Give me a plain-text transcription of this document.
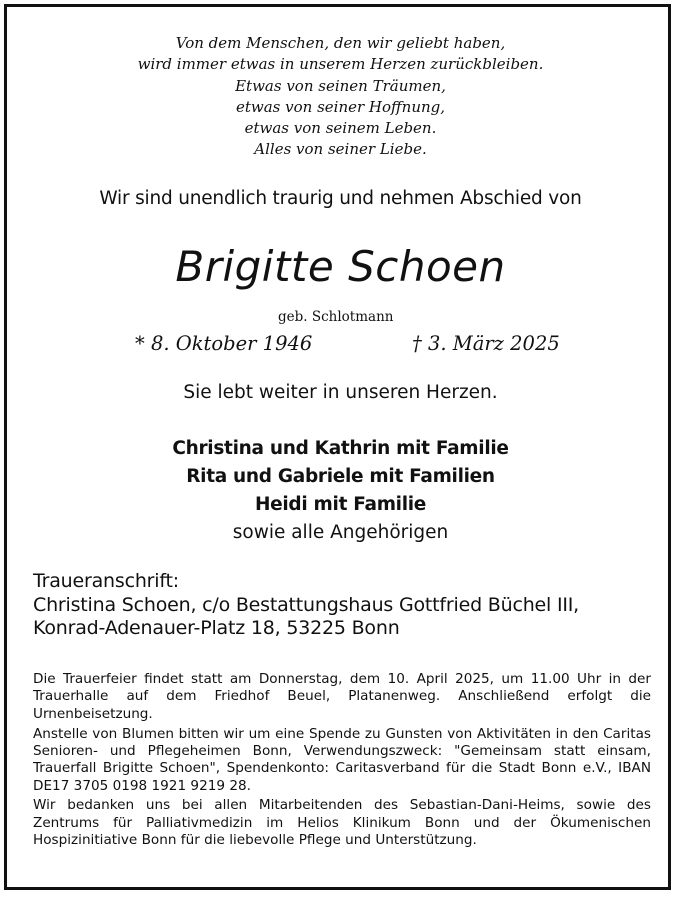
Von dem Menschen, den wir geliebt haben,
wird immer etwas in unserem Herzen zurückbleiben.
Etwas von seinen Träumen,
etwas von seiner Hoffnung,
etwas von seinem Leben.
Alles von seiner Liebe.
Wir sind unendlich traurig und nehmen Abschied von
Brigitte Schoen
geb. Schlotmann
* 8. Oktober 1946	† 3. März 2025
Sie lebt weiter in unseren Herzen.
Christina und Kathrin mit Familie
Rita und Gabriele mit Familien
Heidi mit Familie
sowie alle Angehörigen
Traueranschrift:
Christina Schoen, c/o Bestattungshaus Gottfried Büchel III,
Konrad-Adenauer-Platz 18, 53225 Bonn

Die Trauerfeier findet statt am Donnerstag, dem 10. April 2025, um 11.00 Uhr in der Trauerhalle auf dem Friedhof Beuel, Platanenweg. Anschließend erfolgt die Urnenbeisetzung.

Anstelle von Blumen bitten wir um eine Spende zu Gunsten von Aktivitäten in den Caritas Senioren- und Pflegeheimen Bonn, Verwendungszweck: "Gemeinsam statt einsam, Trauerfall Brigitte Schoen", Spendenkonto: Caritasverband für die Stadt Bonn e.V., IBAN DE17 3705 0198 1921 9219 28.

Wir bedanken uns bei allen Mitarbeitenden des Sebastian-Dani-Heims, sowie des Zentrums für Palliativmedizin im Helios Klinikum Bonn und der Ökumenischen Hospizinitiative Bonn für die liebevolle Pflege und Unterstützung.
